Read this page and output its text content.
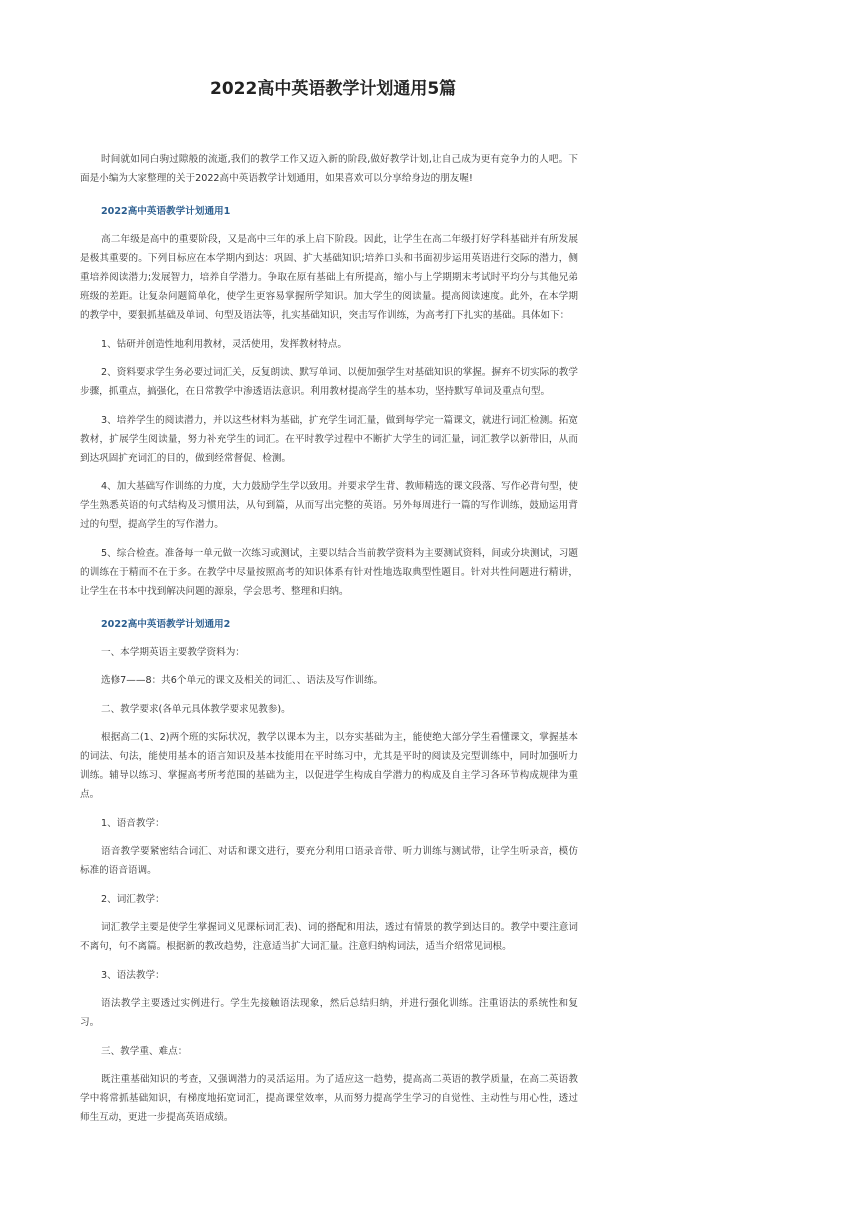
2022高中英语教学计划通用5篇

时间就如同白驹过隙般的流逝,我们的教学工作又迈入新的阶段,做好教学计划,让自己成为更有竞争力的人吧。下面是小编为大家整理的关于2022高中英语教学计划通用，如果喜欢可以分享给身边的朋友喔!

2022高中英语教学计划通用1

高二年级是高中的重要阶段，又是高中三年的承上启下阶段。因此，让学生在高二年级打好学科基础并有所发展是极其重要的。下列目标应在本学期内到达：巩固、扩大基础知识;培养口头和书面初步运用英语进行交际的潜力，侧重培养阅读潜力;发展智力，培养自学潜力。争取在原有基础上有所提高，缩小与上学期期末考试时平均分与其他兄弟班级的差距。让复杂问题简单化，使学生更容易掌握所学知识。加大学生的阅读量。提高阅读速度。此外，在本学期的教学中，要狠抓基础及单词、句型及语法等，扎实基础知识，突击写作训练，为高考打下扎实的基础。具体如下：

1、钻研并创造性地利用教材，灵活使用，发挥教材特点。

2、资料要求学生务必要过词汇关，反复朗读、默写单词、以便加强学生对基础知识的掌握。摒弃不切实际的教学步骤，抓重点，搞强化，在日常教学中渗透语法意识。利用教材提高学生的基本功，坚持默写单词及重点句型。

3、培养学生的阅读潜力，并以这些材料为基础，扩充学生词汇量，做到每学完一篇课文，就进行词汇检测。拓宽教材，扩展学生阅读量，努力补充学生的词汇。在平时教学过程中不断扩大学生的词汇量，词汇教学以新带旧，从而到达巩固扩充词汇的目的，做到经常督促、检测。

4、加大基础写作训练的力度，大力鼓励学生学以致用。并要求学生背、教师精选的课文段落、写作必背句型，使学生熟悉英语的句式结构及习惯用法，从句到篇，从而写出完整的英语。另外每周进行一篇的写作训练，鼓励运用背过的句型，提高学生的写作潜力。

5、综合检查。准备每一单元做一次练习或测试，主要以结合当前教学资料为主要测试资料，间或分块测试，习题的训练在于精而不在于多。在教学中尽量按照高考的知识体系有针对性地选取典型性题目。针对共性问题进行精讲，让学生在书本中找到解决问题的源泉，学会思考、整理和归纳。

2022高中英语教学计划通用2

一、本学期英语主要教学资料为：

选修7——8：共6个单元的课文及相关的词汇、、语法及写作训练。

二、教学要求(各单元具体教学要求见教参)。

根据高二(1、2)两个班的实际状况，教学以课本为主，以夯实基础为主，能使绝大部分学生看懂课文，掌握基本的词法、句法，能使用基本的语言知识及基本技能用在平时练习中，尤其是平时的阅读及完型训练中，同时加强听力训练。辅导以练习、掌握高考所考范围的基础为主，以促进学生构成自学潜力的构成及自主学习各环节构成规律为重点。

1、语音教学：

语音教学要紧密结合词汇、对话和课文进行，要充分利用口语录音带、听力训练与测试带，让学生听录音，模仿标准的语音语调。

2、词汇教学：

词汇教学主要是使学生掌握词义见课标词汇表)、词的搭配和用法，透过有情景的教学到达目的。教学中要注意词不离句，句不离篇。根据新的教改趋势，注意适当扩大词汇量。注意归纳构词法，适当介绍常见词根。

3、语法教学：

语法教学主要透过实例进行。学生先接触语法现象，然后总结归纳，并进行强化训练。注重语法的系统性和复习。

三、教学重、难点：

既注重基础知识的考查，又强调潜力的灵活运用。为了适应这一趋势，提高高二英语的教学质量，在高二英语教学中将常抓基础知识，有梯度地拓宽词汇，提高课堂效率，从而努力提高学生学习的自觉性、主动性与用心性，透过师生互动，更进一步提高英语成绩。
